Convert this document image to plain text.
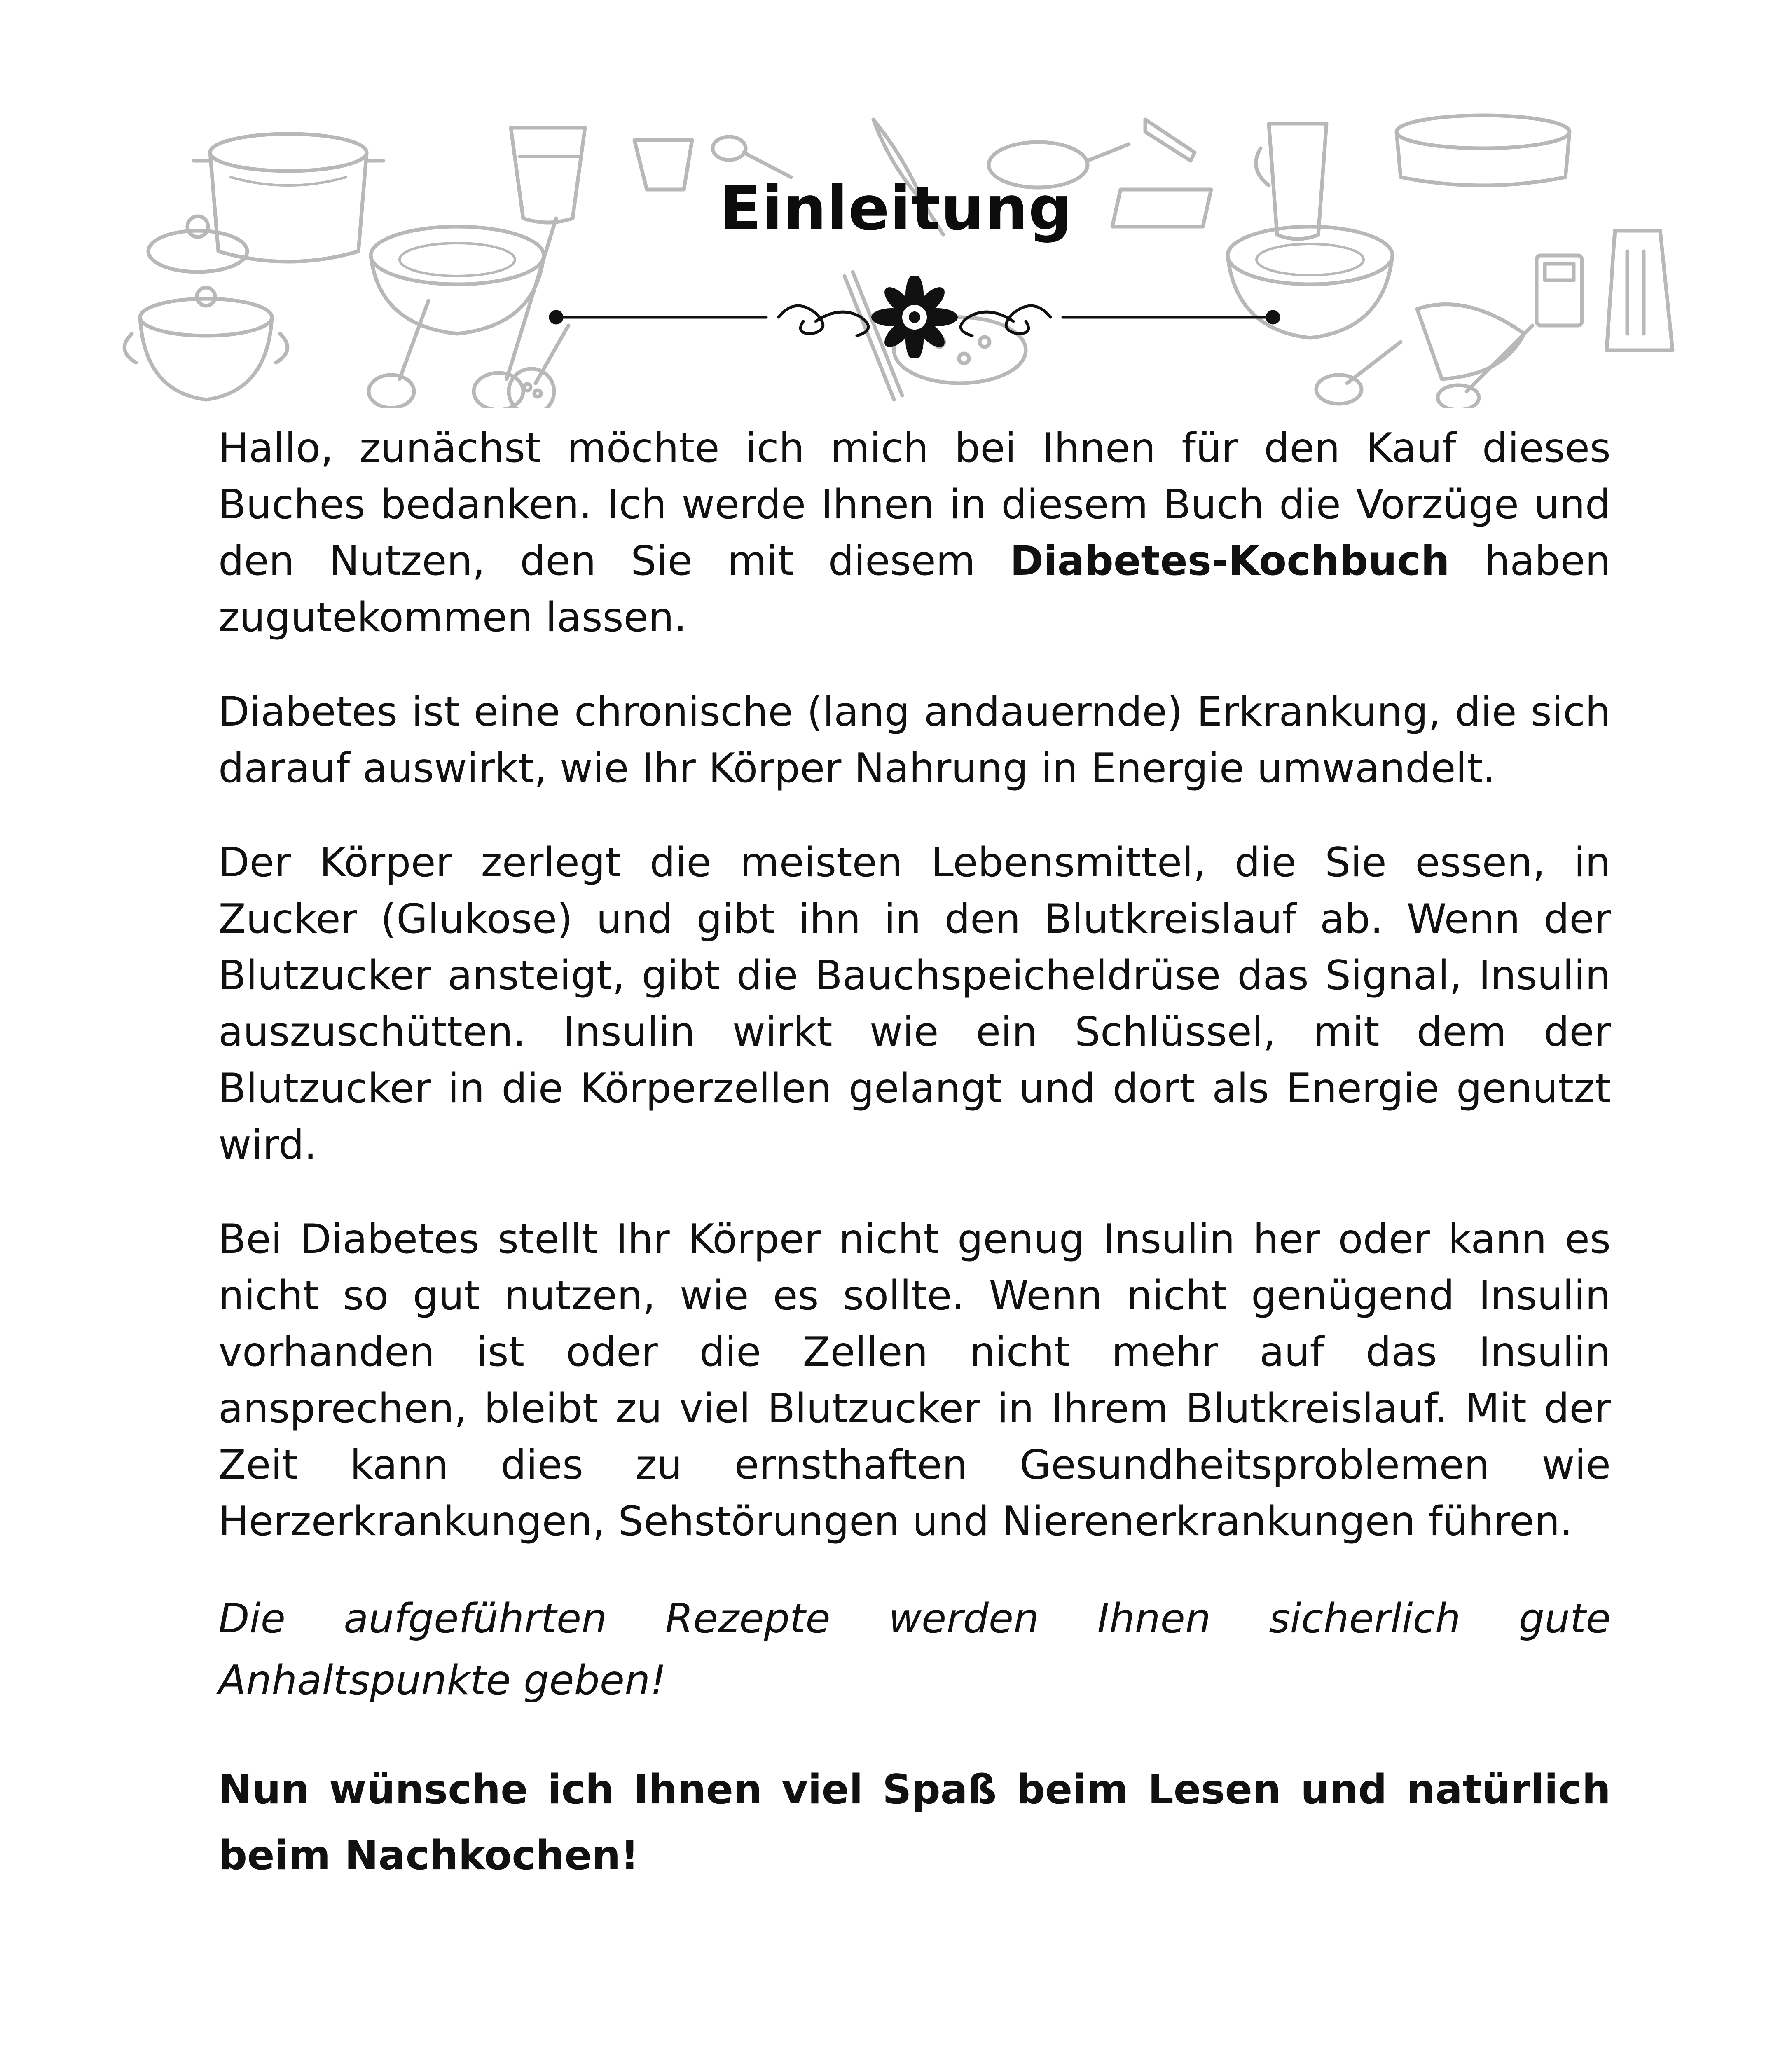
Einleitung

Hallo, zunächst möchte ich mich bei Ihnen für den Kauf dieses Buches bedanken. Ich werde Ihnen in diesem Buch die Vorzüge und den Nutzen, den Sie mit diesem Diabetes-Kochbuch haben zugutekommen lassen.

Diabetes ist eine chronische (lang andauernde) Erkrankung, die sich darauf auswirkt, wie Ihr Körper Nahrung in Energie umwandelt.

Der Körper zerlegt die meisten Lebensmittel, die Sie essen, in Zucker (Glukose) und gibt ihn in den Blutkreislauf ab. Wenn der Blutzucker ansteigt, gibt die Bauchspeicheldrüse das Signal, Insulin auszuschütten. Insulin wirkt wie ein Schlüssel, mit dem der Blutzucker in die Körperzellen gelangt und dort als Energie genutzt wird.

Bei Diabetes stellt Ihr Körper nicht genug Insulin her oder kann es nicht so gut nutzen, wie es sollte. Wenn nicht genügend Insulin vorhanden ist oder die Zellen nicht mehr auf das Insulin ansprechen, bleibt zu viel Blutzucker in Ihrem Blutkreislauf. Mit der Zeit kann dies zu ernsthaften Gesundheitsproblemen wie Herzerkrankungen, Sehstörungen und Nierenerkrankungen führen.

Die aufgeführten Rezepte werden Ihnen sicherlich gute Anhaltspunkte geben!

Nun wünsche ich Ihnen viel Spaß beim Lesen und natürlich beim Nachkochen!
